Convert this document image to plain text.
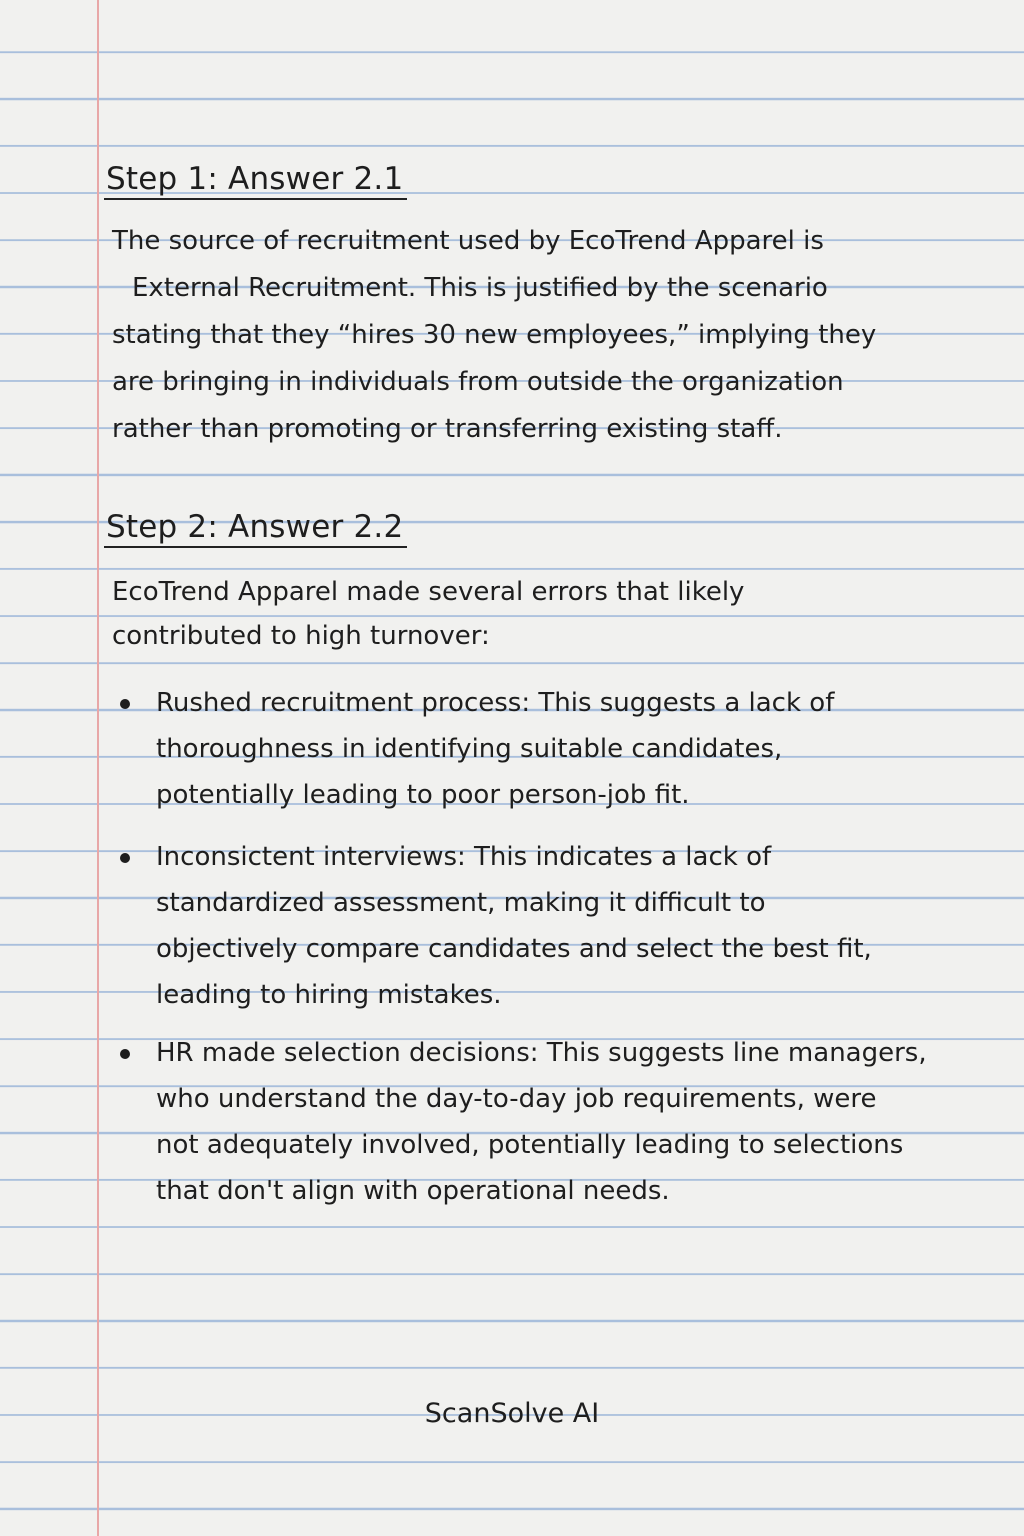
Step 1: Answer 2.1
The source of recruitment used by EcoTrend Apparel is
External Recruitment. This is justified by the scenario
stating that they “hires 30 new employees,” implying they
are bringing in individuals from outside the organization
rather than promoting or transferring existing staff.
Step 2: Answer 2.2
EcoTrend Apparel made several errors that likely
contributed to high turnover:
Rushed recruitment process: This suggests a lack of
thoroughness in identifying suitable candidates,
potentially leading to poor person-job fit.
Inconsictent interviews: This indicates a lack of
standardized assessment, making it difficult to
objectively compare candidates and select the best fit,
leading to hiring mistakes.
HR made selection decisions: This suggests line managers,
who understand the day-to-day job requirements, were
not adequately involved, potentially leading to selections
that don't align with operational needs.
ScanSolve AI
